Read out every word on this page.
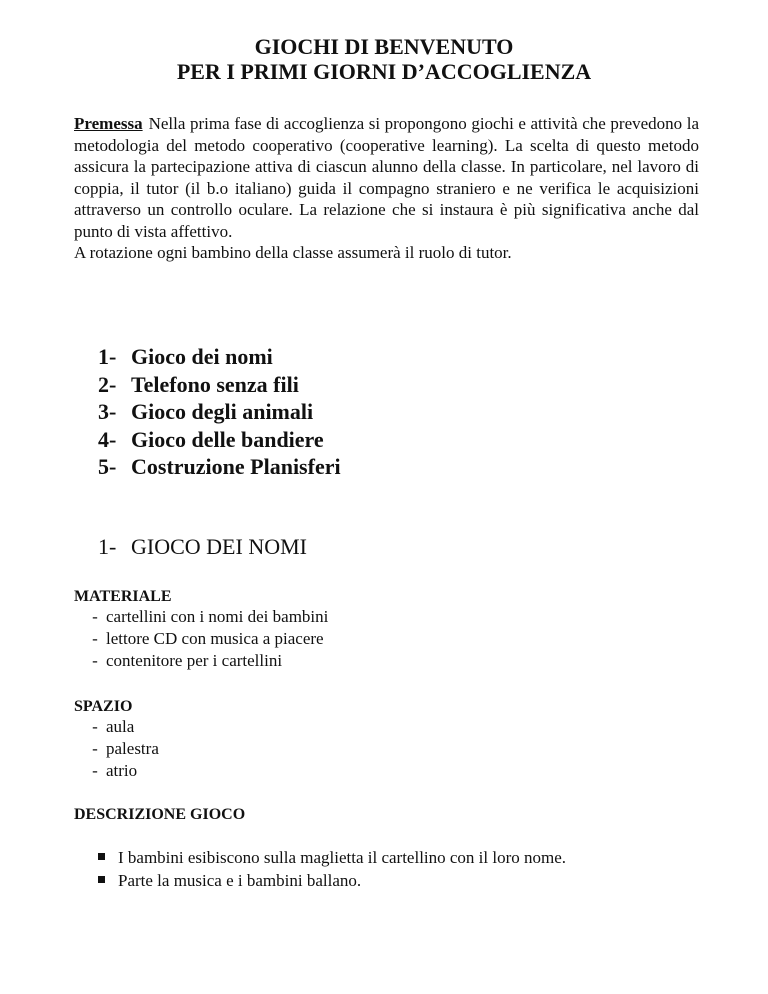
GIOCHI DI BENVENUTO
PER I PRIMI GIORNI D’ACCOGLIENZA

Premessa Nella prima fase di accoglienza si propongono giochi e attività che prevedono la metodologia del metodo cooperativo (cooperative learning). La scelta di questo metodo assicura la partecipazione attiva di ciascun alunno della classe. In particolare, nel lavoro di coppia, il tutor (il b.o italiano) guida il compagno straniero e ne verifica le acquisizioni attraverso un controllo oculare. La relazione che si instaura è più significativa anche dal punto di vista affettivo.

A rotazione ogni bambino della classe assumerà il ruolo di tutor.

1- Gioco dei nomi
2- Telefono senza fili
3- Gioco degli animali
4- Gioco delle bandiere
5- Costruzione Planisferi
1- GIOCO DEI NOMI
MATERIALE
- cartellini con i nomi dei bambini
- lettore CD con musica a piacere
- contenitore per i cartellini
SPAZIO
- aula
- palestra
- atrio
DESCRIZIONE GIOCO
I bambini esibiscono sulla maglietta il cartellino con il loro nome.
Parte la musica e i bambini ballano.
